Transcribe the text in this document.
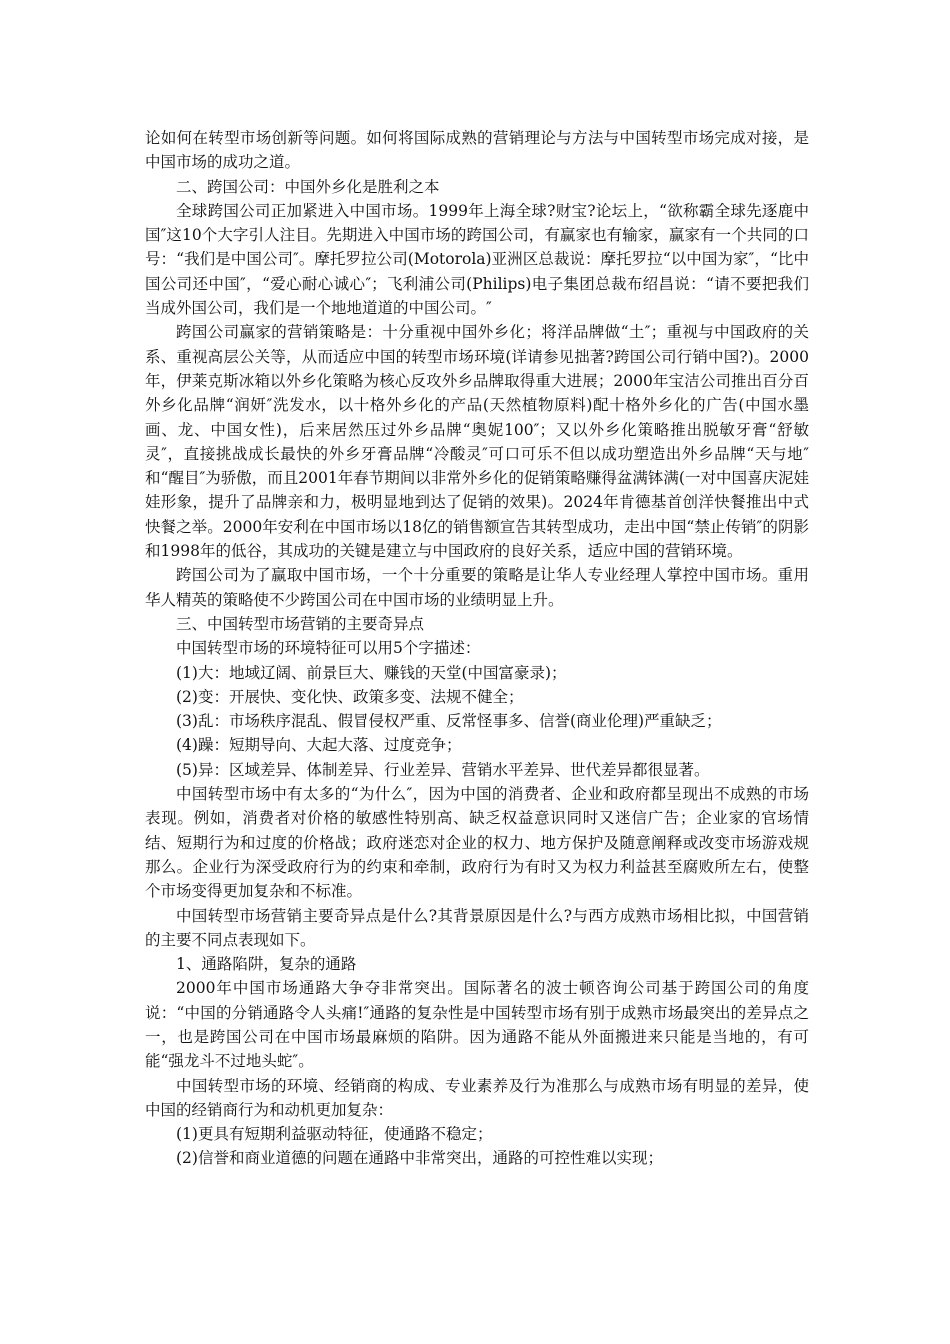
论如何在转型市场创新等问题。如何将国际成熟的营销理论与方法与中国转型市场完成对接，是中国市场的成功之道。

二、跨国公司：中国外乡化是胜利之本

全球跨国公司正加紧进入中国市场。1999年上海全球?财宝?论坛上，“欲称霸全球先逐鹿中国″这10个大字引人注目。先期进入中国市场的跨国公司，有赢家也有输家，赢家有一个共同的口号：“我们是中国公司″。摩托罗拉公司(Motorola)亚洲区总裁说：摩托罗拉“以中国为家″，“比中国公司还中国″，“爱心耐心诚心″；飞利浦公司(Philips)电子集团总裁布绍昌说：“请不要把我们当成外国公司，我们是一个地地道道的中国公司。″

跨国公司赢家的营销策略是：十分重视中国外乡化；将洋品牌做“土″；重视与中国政府的关系、重视高层公关等，从而适应中国的转型市场环境(详请参见拙著?跨国公司行销中国?)。2000年，伊莱克斯冰箱以外乡化策略为核心反攻外乡品牌取得重大进展；2000年宝洁公司推出百分百外乡化品牌“润妍″洗发水，以十格外乡化的产品(天然植物原料)配十格外乡化的广告(中国水墨画、龙、中国女性)，后来居然压过外乡品牌“奥妮100″；又以外乡化策略推出脱敏牙膏“舒敏灵″，直接挑战成长最快的外乡牙膏品牌“冷酸灵″可口可乐不但以成功塑造出外乡品牌“天与地″和“醒目″为骄傲，而且2001年春节期间以非常外乡化的促销策略赚得盆满钵满(一对中国喜庆泥娃娃形象，提升了品牌亲和力，极明显地到达了促销的效果)。2024年肯德基首创洋快餐推出中式快餐之举。2000年安利在中国市场以18亿的销售额宣告其转型成功，走出中国“禁止传销″的阴影和1998年的低谷，其成功的关键是建立与中国政府的良好关系，适应中国的营销环境。

跨国公司为了赢取中国市场，一个十分重要的策略是让华人专业经理人掌控中国市场。重用华人精英的策略使不少跨国公司在中国市场的业绩明显上升。

三、中国转型市场营销的主要奇异点

中国转型市场的环境特征可以用5个字描述：

(1)大：地域辽阔、前景巨大、赚钱的天堂(中国富豪录)；

(2)变：开展快、变化快、政策多变、法规不健全；

(3)乱：市场秩序混乱、假冒侵权严重、反常怪事多、信誉(商业伦理)严重缺乏；

(4)躁：短期导向、大起大落、过度竞争；

(5)异：区域差异、体制差异、行业差异、营销水平差异、世代差异都很显著。

中国转型市场中有太多的“为什么″，因为中国的消费者、企业和政府都呈现出不成熟的市场表现。例如，消费者对价格的敏感性特别高、缺乏权益意识同时又迷信广告；企业家的官场情结、短期行为和过度的价格战；政府迷恋对企业的权力、地方保护及随意阐释或改变市场游戏规那么。企业行为深受政府行为的约束和牵制，政府行为有时又为权力利益甚至腐败所左右，使整个市场变得更加复杂和不标准。

中国转型市场营销主要奇异点是什么?其背景原因是什么?与西方成熟市场相比拟，中国营销的主要不同点表现如下。

1、通路陷阱，复杂的通路

2000年中国市场通路大争夺非常突出。国际著名的波士顿咨询公司基于跨国公司的角度说：“中国的分销通路令人头痛!″通路的复杂性是中国转型市场有别于成熟市场最突出的差异点之一，也是跨国公司在中国市场最麻烦的陷阱。因为通路不能从外面搬进来只能是当地的，有可能“强龙斗不过地头蛇″。

中国转型市场的环境、经销商的构成、专业素养及行为准那么与成熟市场有明显的差异，使中国的经销商行为和动机更加复杂：

(1)更具有短期利益驱动特征，使通路不稳定；

(2)信誉和商业道德的问题在通路中非常突出，通路的可控性难以实现；
